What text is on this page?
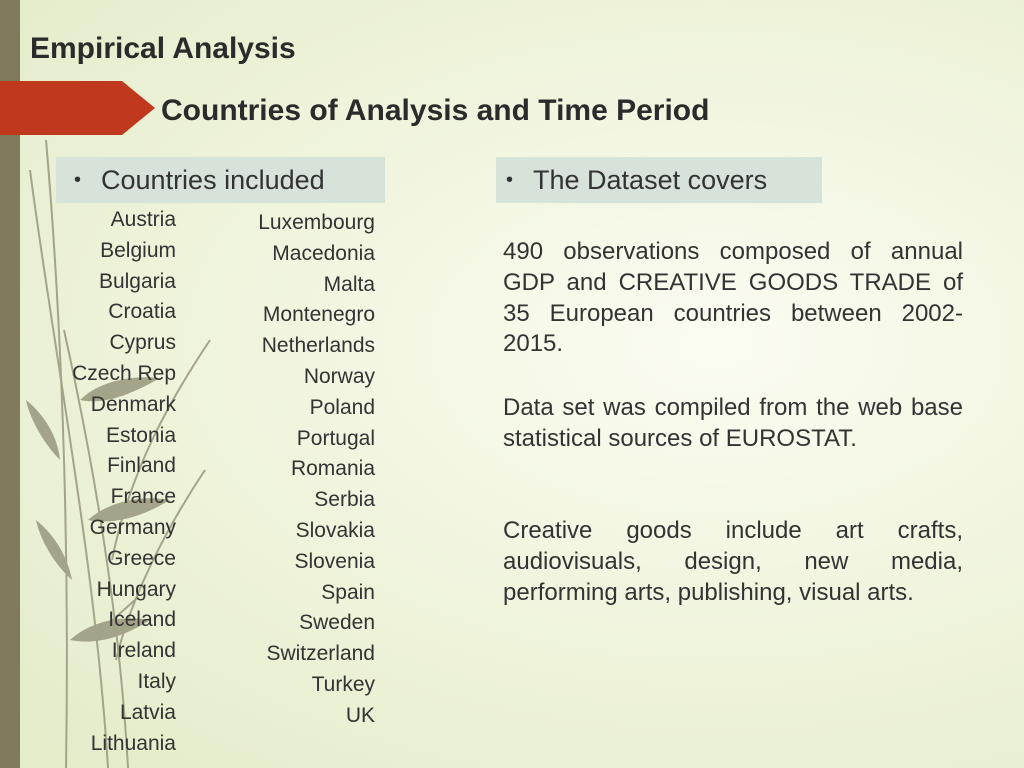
Empirical Analysis
Countries of Analysis and Time Period
• Countries included
Austria
Belgium
Bulgaria
Croatia
Cyprus
Czech Rep
Denmark
Estonia
Finland
France
Germany
Greece
Hungary
Iceland
Ireland
Italy
Latvia
Lithuania
Luxembourg
Macedonia
Malta
Montenegro
Netherlands
Norway
Poland
Portugal
Romania
Serbia
Slovakia
Slovenia
Spain
Sweden
Switzerland
Turkey
UK
• The Dataset covers

490 observations composed of annual GDP and CREATIVE GOODS TRADE of 35 European countries between 2002-2015.

Data set was compiled from the web base statistical sources of EUROSTAT.

Creative goods include art crafts, audiovisuals, design, new media, performing arts, publishing, visual arts.
